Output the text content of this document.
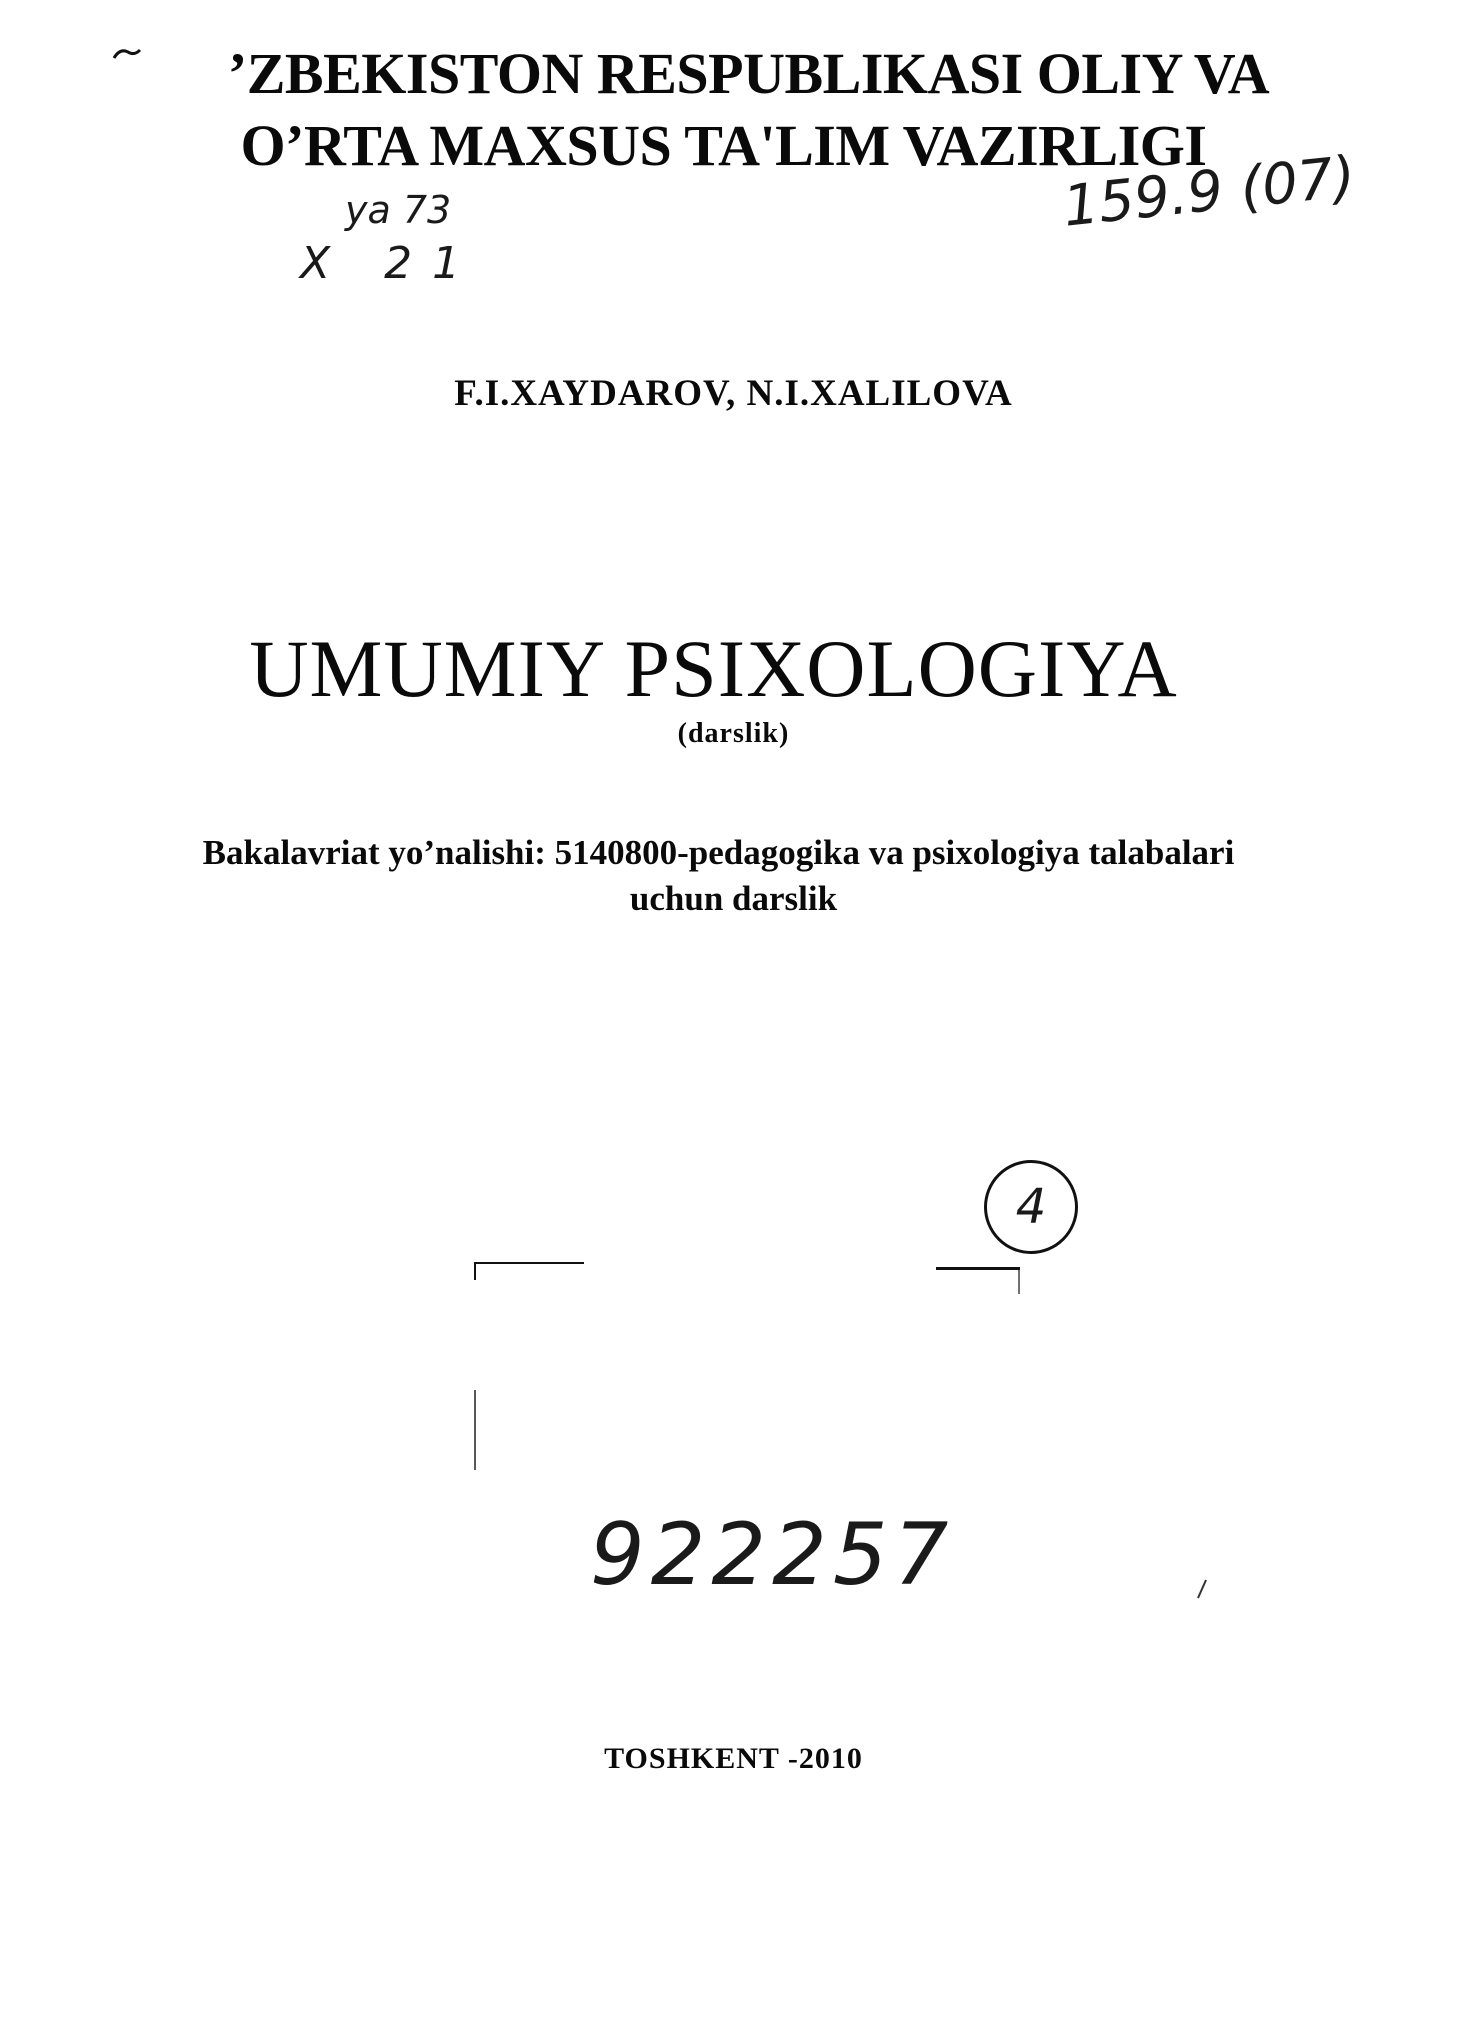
’ZBEKISTON RESPUBLIKASI OLIY VA
O’RTA MAXSUS TA'LIM VAZIRLIGI
ya 73
X 21
159.9 (07)
F.I.XAYDAROV, N.I.XALILOVA
UMUMIY PSIXOLOGIYA
(darslik)
Bakalavriat yo’nalishi: 5140800-pedagogika va psixologiya talabalari
uchun darslik
4
922257
TOSHKENT -2010
